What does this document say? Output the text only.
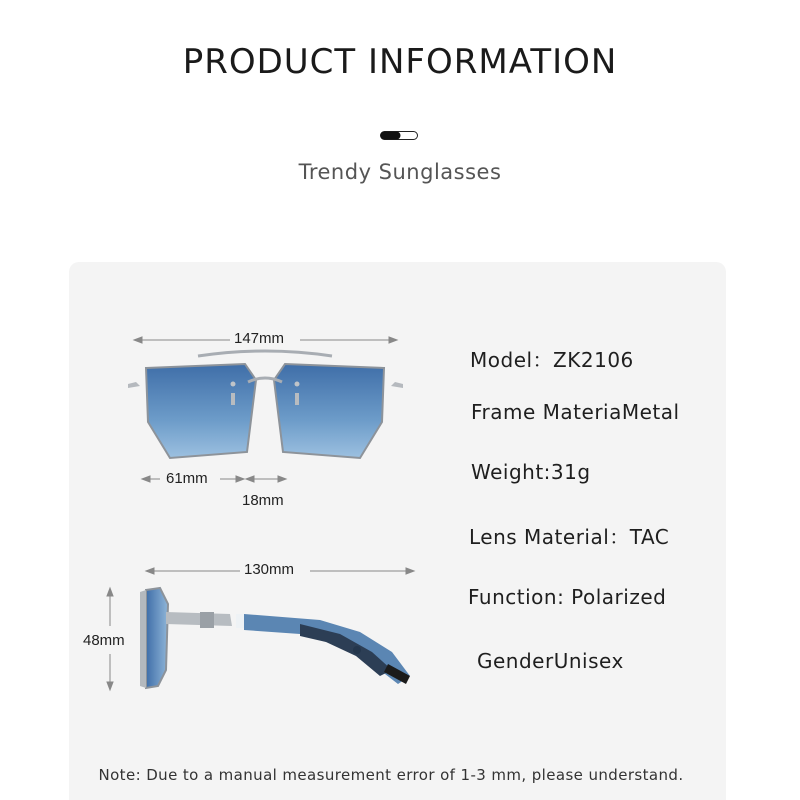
PRODUCT INFORMATION
Trendy Sunglasses
147mm
61mm
18mm
130mm
48mm
Model：ZK2106
Frame MateriaMetal
Weight:31g
Lens Material：TAC
Function: Polarized
GenderUnisex
Note: Due to a manual measurement error of 1-3 mm, please understand.
